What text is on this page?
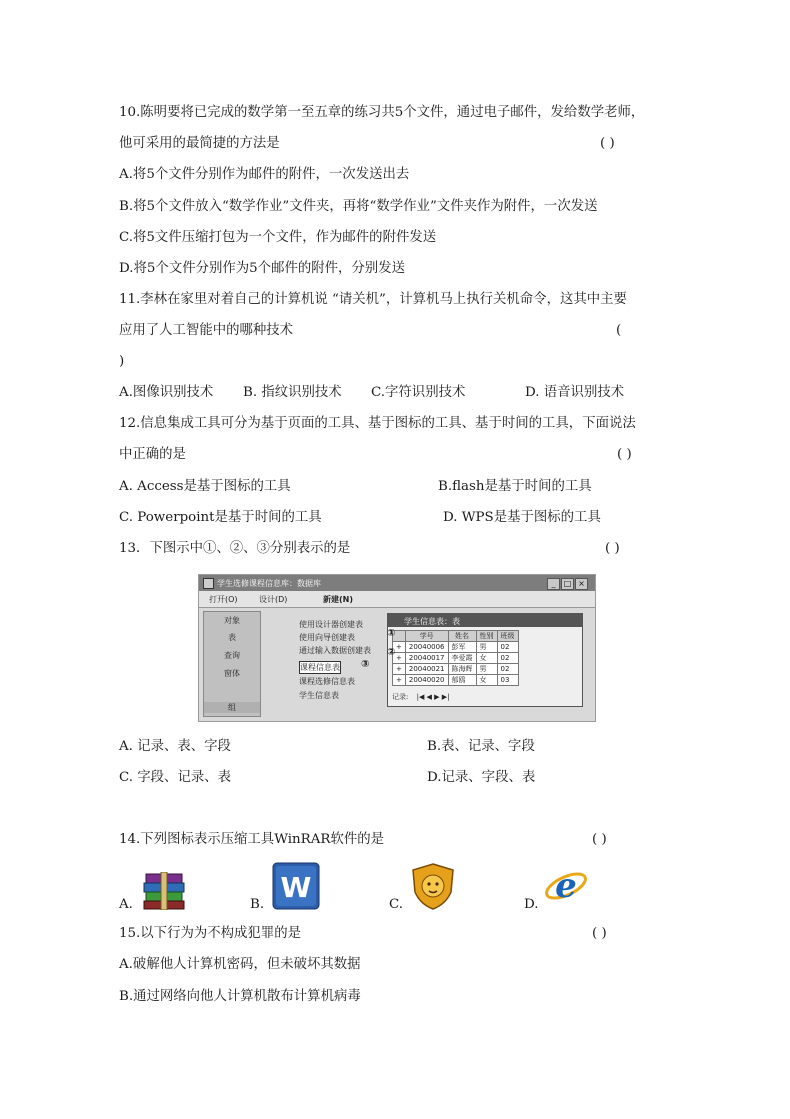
10.陈明要将已完成的数学第一至五章的练习共5个文件，通过电子邮件，发给数学老师，
他可采用的最简捷的方法是	( )
A.将5个文件分别作为邮件的附件，一次发送出去
B.将5个文件放入“数学作业”文件夹，再将“数学作业”文件夹作为附件，一次发送
C.将5文件压缩打包为一个文件，作为邮件的附件发送
D.将5个文件分别作为5个邮件的附件，分别发送
11.李林在家里对着自己的计算机说 “请关机”，计算机马上执行关机命令，这其中主要
应用了人工智能中的哪种技术	(
)
A.图像识别技术 B. 指纹识别技术 C.字符识别技术	D. 语音识别技术
12.信息集成工具可分为基于页面的工具、基于图标的工具、基于时间的工具，下面说法
中正确的是	( )
A. Access是基于图标的工具	B.flash是基于时间的工具
C. Powerpoint是基于时间的工具	D. WPS是基于图标的工具
13．下图示中①、②、③分别表示的是	( )
学生选修课程信息库：数据库	_	□ ×
打开(O)	设计(D)	新建(N)
对象
表
查询
窗体
组
使用设计器创建表
使用向导创建表
通过输入数据创建表
课程信息表
课程选修信息表
学生信息表
③
学生信息表：表
	学号	姓名	性别	班级
+	20040006	彭军	男	02
+	20040017	李爱霞	女	02
+	20040021	陈海辉	男	02
+	20040020	郁鸥	女	03
记录: |◀ ◀ ▶ ▶|
①
②
A. 记录、表、字段	B.表、记录、字段
C. 字段、记录、表	D.记录、字段、表
14.下列图标表示压缩工具WinRAR软件的是	( )
A.	B.
W
C.	D. e
15.以下行为为不构成犯罪的是	( )
A.破解他人计算机密码，但未破坏其数据
B.通过网络向他人计算机散布计算机病毒
